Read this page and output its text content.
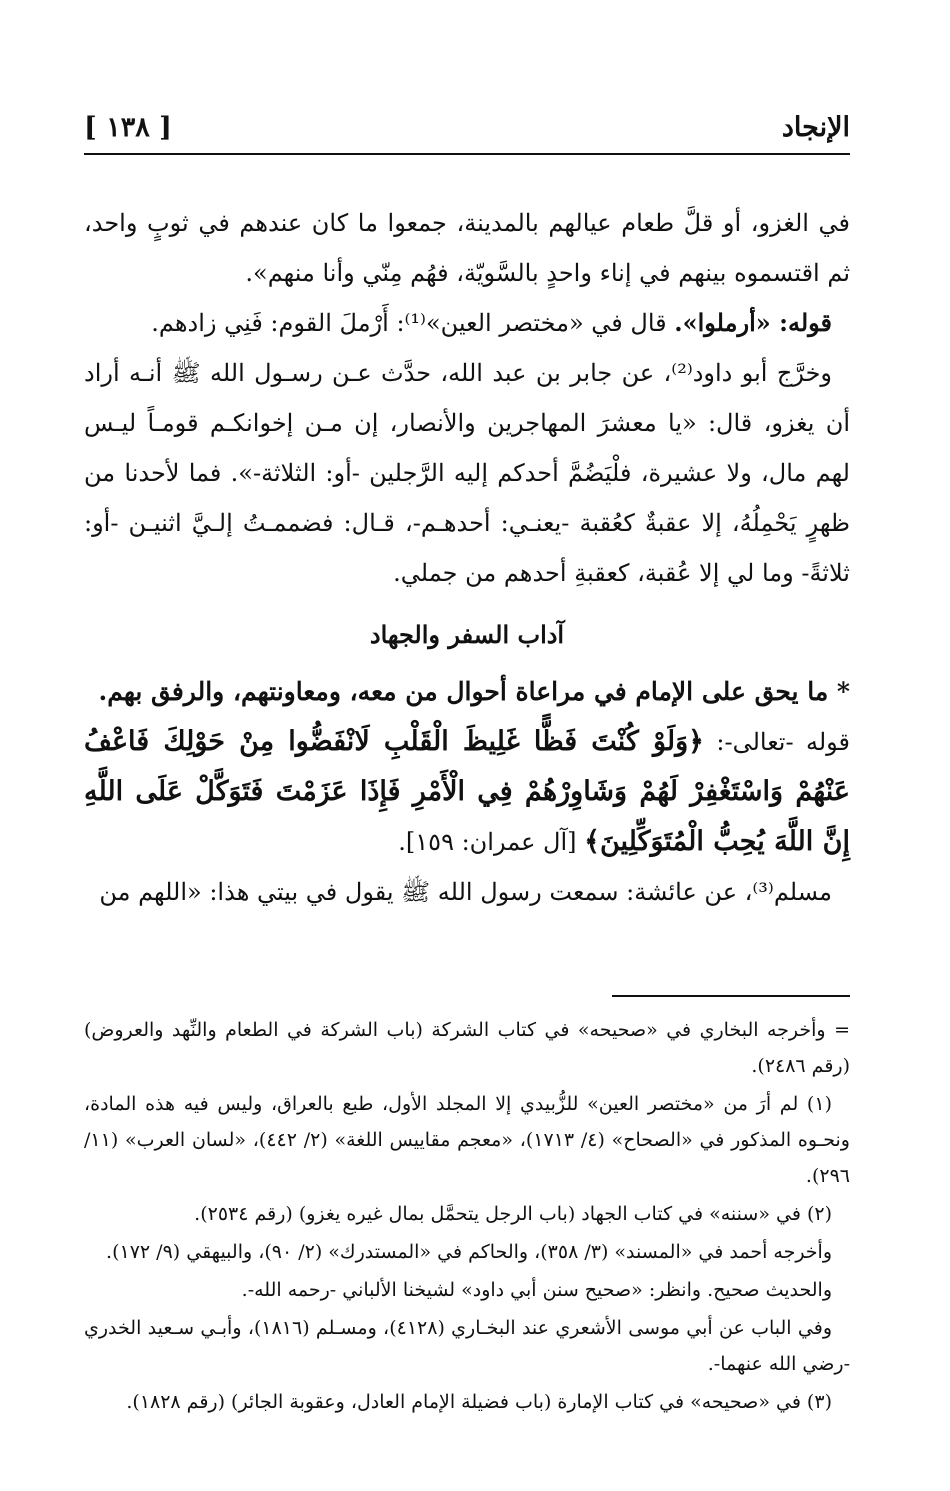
الإنجاد
[ ١٣٨ ]

في الغزو، أو قلَّ طعام عيالهم بالمدينة، جمعوا ما كان عندهم في ثوبٍ واحد، ثم اقتسموه بينهم في إناء واحدٍ بالسَّويّة، فهُم مِنّي وأنا منهم».

قوله: «أرملوا». قال في «مختصر العين»⁽¹⁾: أَرْملَ القوم: فَنِي زادهم.

وخرَّج أبو داود⁽²⁾، عن جابر بن عبد الله، حدَّث عـن رسـول الله ﷺ أنـه أراد أن يغزو، قال: «يا معشرَ المهاجرين والأنصار، إن مـن إخوانكـم قومـاً ليـس لهم مال، ولا عشيرة، فلْيَضُمَّ أحدكم إليه الرَّجلين -أو: الثلاثة-». فما لأحدنا من ظهرٍ يَحْمِلُهُ، إلا عقبةٌ كعُقبة -يعنـي: أحدهـم-، قـال: فضممـتُ إلـيَّ اثنيـن -أو: ثلاثةً- وما لي إلا عُقبة، كعقبةِ أحدهم من جملي.

آداب السفر والجهاد

* ما يحق على الإمام في مراعاة أحوال من معه، ومعاونتهم، والرفق بهم.

قوله -تعالى-: ﴿وَلَوْ كُنْتَ فَظًّا غَلِيظَ الْقَلْبِ لَانْفَضُّوا مِنْ حَوْلِكَ فَاعْفُ عَنْهُمْ وَاسْتَغْفِرْ لَهُمْ وَشَاوِرْهُمْ فِي الْأَمْرِ فَإِذَا عَزَمْتَ فَتَوَكَّلْ عَلَى اللَّهِ إِنَّ اللَّهَ يُحِبُّ الْمُتَوَكِّلِينَ﴾ [آل عمران: ١٥٩].

مسلم⁽³⁾، عن عائشة: سمعت رسول الله ﷺ يقول في بيتي هذا: «اللهم من

= وأخرجه البخاري في «صحيحه» في كتاب الشركة (باب الشركة في الطعام والنِّهد والعروض) (رقم ٢٤٨٦).

(١) لم أرَ من «مختصر العين» للزُّبيدي إلا المجلد الأول، طبع بالعراق، وليس فيه هذه المادة، ونحـوه المذكور في «الصحاح» (٤/ ١٧١٣)، «معجم مقاييس اللغة» (٢/ ٤٤٢)، «لسان العرب» (١١/ ٢٩٦).

(٢) في «سننه» في كتاب الجهاد (باب الرجل يتحمَّل بمال غيره يغزو) (رقم ٢٥٣٤).

وأخرجه أحمد في «المسند» (٣/ ٣٥٨)، والحاكم في «المستدرك» (٢/ ٩٠)، والبيهقي (٩/ ١٧٢).

والحديث صحيح. وانظر: «صحيح سنن أبي داود» لشيخنا الألباني -رحمه الله-.

وفي الباب عن أبي موسى الأشعري عند البخـاري (٤١٢٨)، ومسـلم (١٨١٦)، وأبـي سـعيد الخدري -رضي الله عنهما-.

(٣) في «صحيحه» في كتاب الإمارة (باب فضيلة الإمام العادل، وعقوبة الجائر) (رقم ١٨٢٨).
